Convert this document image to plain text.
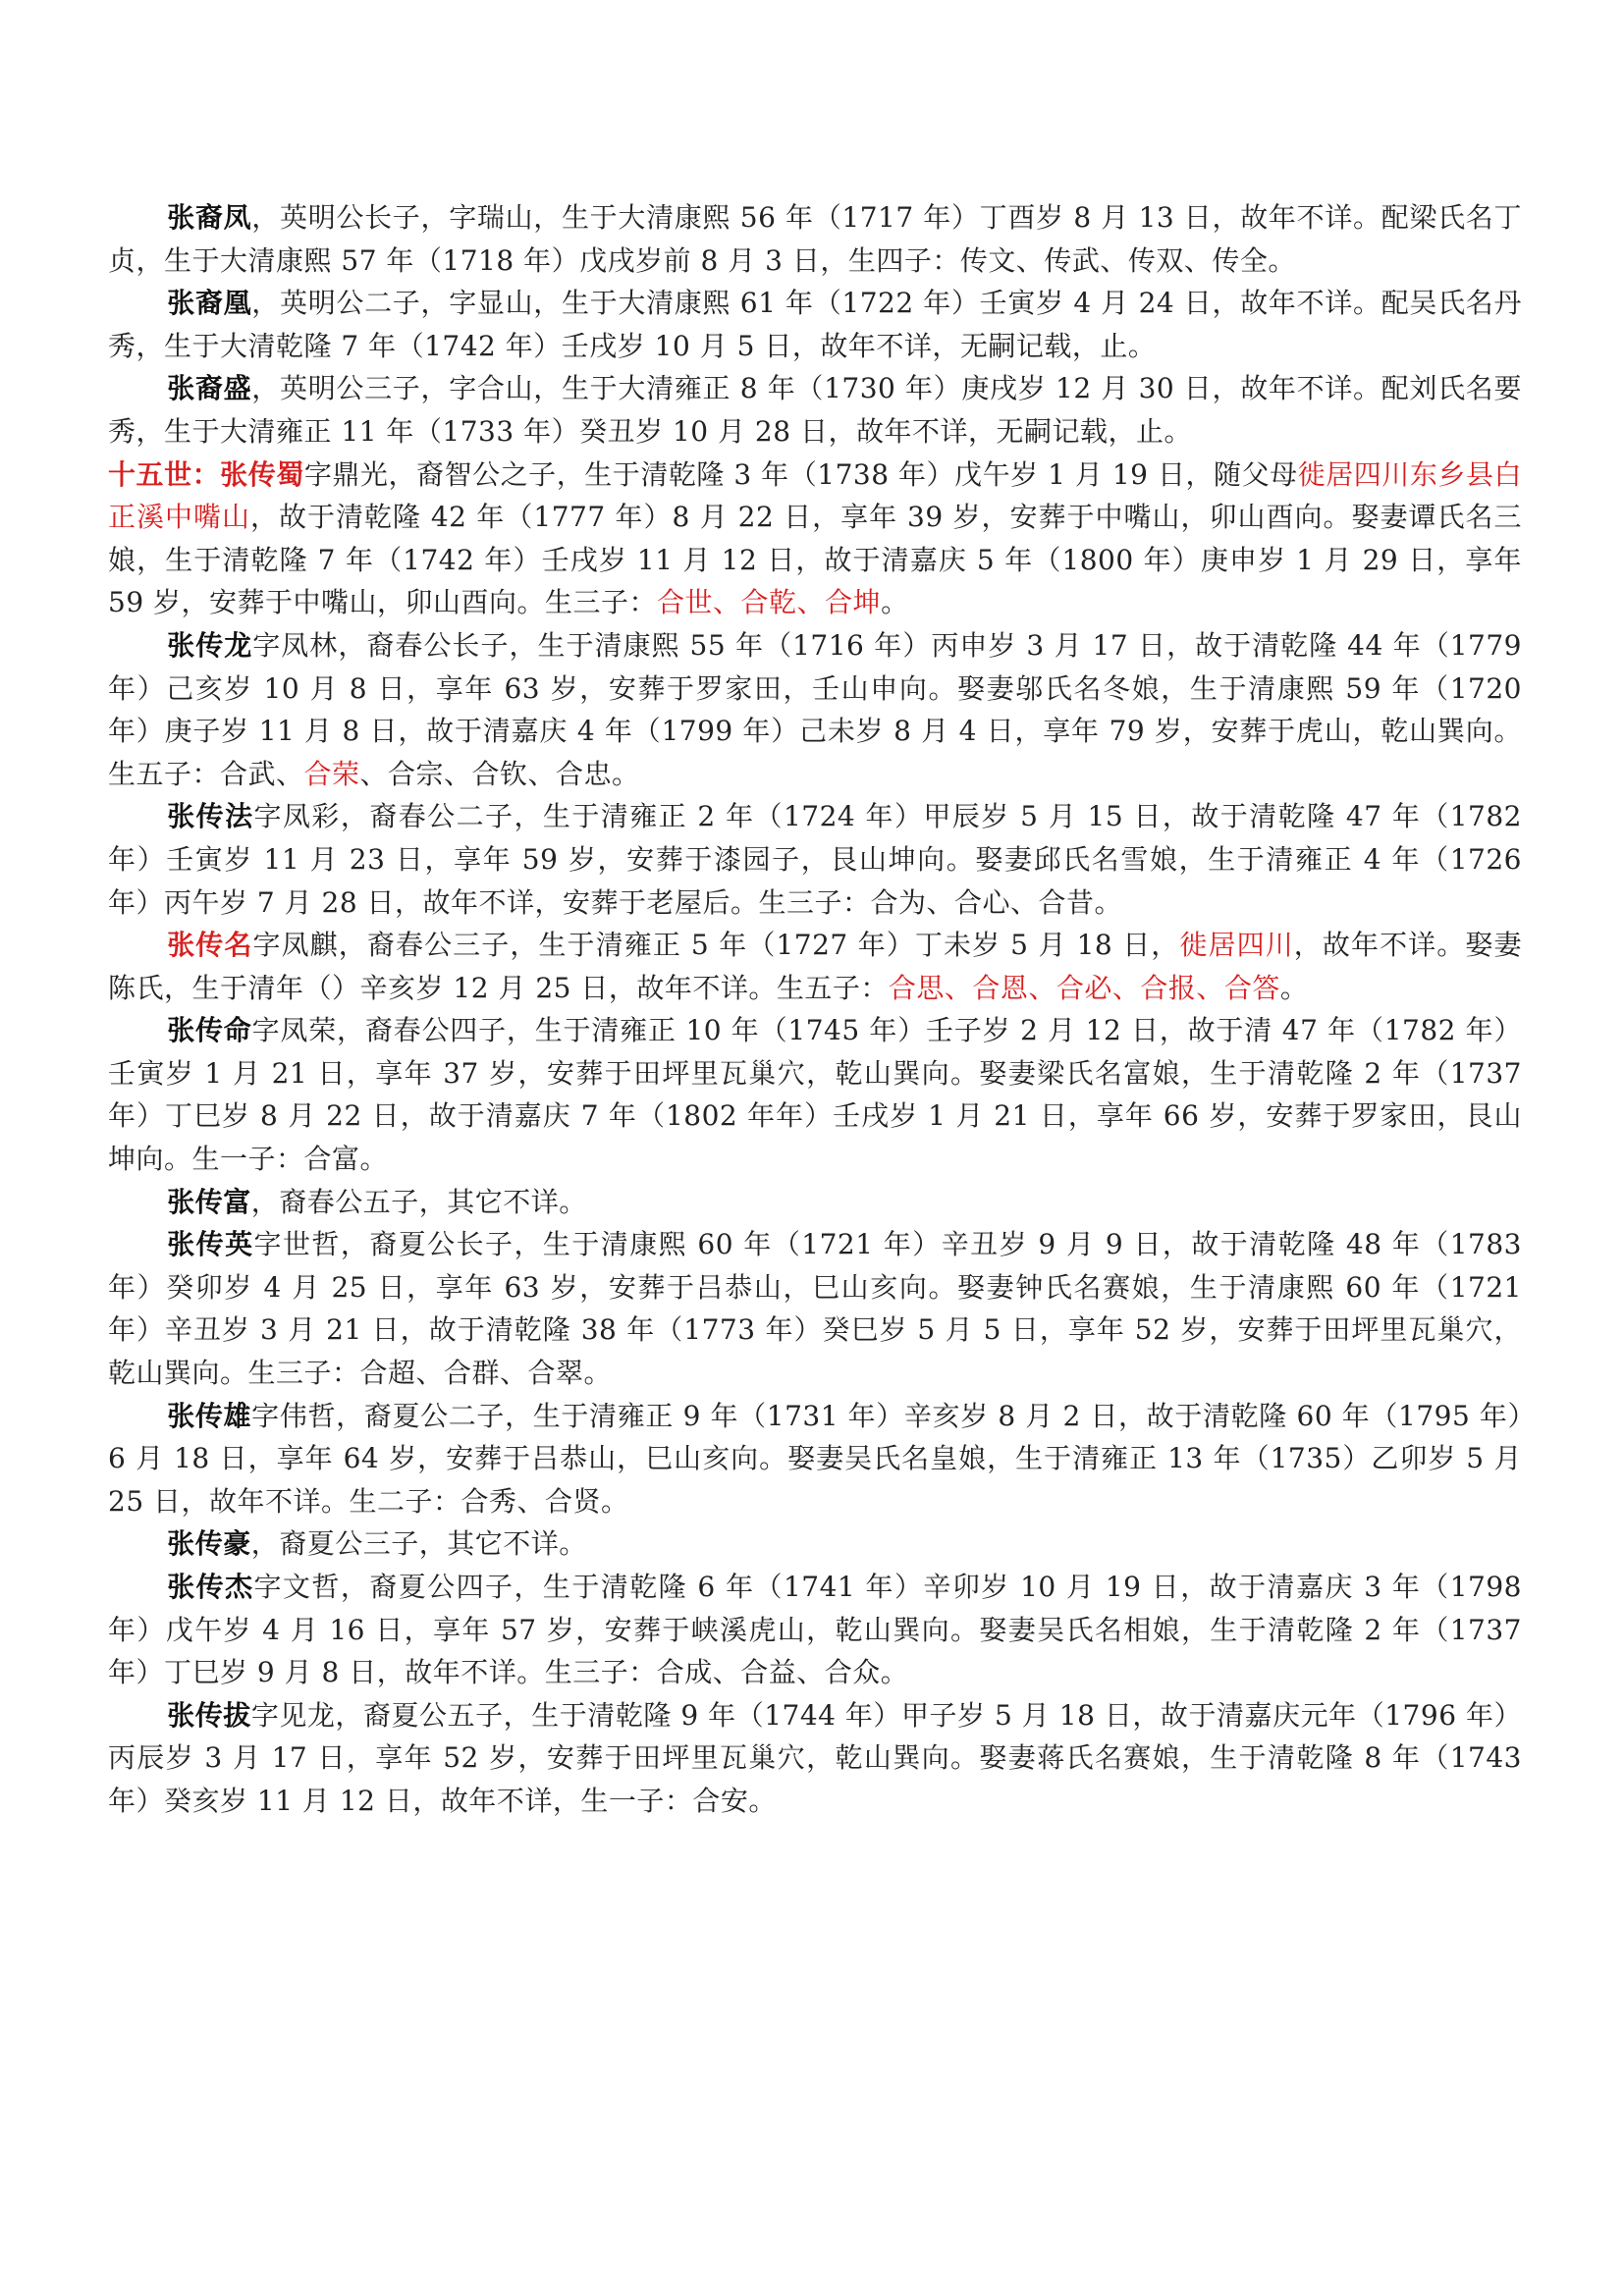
张裔凤，英明公长子，字瑞山，生于大清康熙 56 年（1717 年）丁酉岁 8 月 13 日，故年不详。配梁氏名丁贞，生于大清康熙 57 年（1718 年）戊戌岁前 8 月 3 日，生四子：传文、传武、传双、传全。

张裔凰，英明公二子，字显山，生于大清康熙 61 年（1722 年）壬寅岁 4 月 24 日，故年不详。配吴氏名丹秀，生于大清乾隆 7 年（1742 年）壬戌岁 10 月 5 日，故年不详，无嗣记载，止。

张裔盛，英明公三子，字合山，生于大清雍正 8 年（1730 年）庚戌岁 12 月 30 日，故年不详。配刘氏名要秀，生于大清雍正 11 年（1733 年）癸丑岁 10 月 28 日，故年不详，无嗣记载，止。

十五世：张传蜀字鼎光，裔智公之子，生于清乾隆 3 年（1738 年）戊午岁 1 月 19 日，随父母徙居四川东乡县白正溪中嘴山，故于清乾隆 42 年（1777 年）8 月 22 日，享年 39 岁，安葬于中嘴山，卯山酉向。娶妻谭氏名三娘，生于清乾隆 7 年（1742 年）壬戌岁 11 月 12 日，故于清嘉庆 5 年（1800 年）庚申岁 1 月 29 日，享年 59 岁，安葬于中嘴山，卯山酉向。生三子：合世、合乾、合坤。

张传龙字凤林，裔春公长子，生于清康熙 55 年（1716 年）丙申岁 3 月 17 日，故于清乾隆 44 年（1779 年）己亥岁 10 月 8 日，享年 63 岁，安葬于罗家田，壬山申向。娶妻邬氏名冬娘，生于清康熙 59 年（1720 年）庚子岁 11 月 8 日，故于清嘉庆 4 年（1799 年）己未岁 8 月 4 日，享年 79 岁，安葬于虎山，乾山巽向。生五子：合武、合荣、合宗、合钦、合忠。

张传法字凤彩，裔春公二子，生于清雍正 2 年（1724 年）甲辰岁 5 月 15 日，故于清乾隆 47 年（1782 年）壬寅岁 11 月 23 日，享年 59 岁，安葬于漆园子，艮山坤向。娶妻邱氏名雪娘，生于清雍正 4 年（1726 年）丙午岁 7 月 28 日，故年不详，安葬于老屋后。生三子：合为、合心、合昔。

张传名字凤麒，裔春公三子，生于清雍正 5 年（1727 年）丁未岁 5 月 18 日，徙居四川，故年不详。娶妻陈氏，生于清年（）辛亥岁 12 月 25 日，故年不详。生五子：合思、合恩、合必、合报、合答。

张传命字凤荣，裔春公四子，生于清雍正 10 年（1745 年）壬子岁 2 月 12 日，故于清 47 年（1782 年）壬寅岁 1 月 21 日，享年 37 岁，安葬于田坪里瓦巢穴，乾山巽向。娶妻梁氏名富娘，生于清乾隆 2 年（1737 年）丁巳岁 8 月 22 日，故于清嘉庆 7 年（1802 年年）壬戌岁 1 月 21 日，享年 66 岁，安葬于罗家田，艮山坤向。生一子：合富。

张传富，裔春公五子，其它不详。

张传英字世哲，裔夏公长子，生于清康熙 60 年（1721 年）辛丑岁 9 月 9 日，故于清乾隆 48 年（1783 年）癸卯岁 4 月 25 日，享年 63 岁，安葬于吕恭山，巳山亥向。娶妻钟氏名赛娘，生于清康熙 60 年（1721 年）辛丑岁 3 月 21 日，故于清乾隆 38 年（1773 年）癸巳岁 5 月 5 日，享年 52 岁，安葬于田坪里瓦巢穴，乾山巽向。生三子：合超、合群、合翠。

张传雄字伟哲，裔夏公二子，生于清雍正 9 年（1731 年）辛亥岁 8 月 2 日，故于清乾隆 60 年（1795 年）6 月 18 日，享年 64 岁，安葬于吕恭山，巳山亥向。娶妻吴氏名皇娘，生于清雍正 13 年（1735）乙卯岁 5 月 25 日，故年不详。生二子：合秀、合贤。

张传豪，裔夏公三子，其它不详。

张传杰字文哲，裔夏公四子，生于清乾隆 6 年（1741 年）辛卯岁 10 月 19 日，故于清嘉庆 3 年（1798 年）戊午岁 4 月 16 日，享年 57 岁，安葬于峡溪虎山，乾山巽向。娶妻吴氏名相娘，生于清乾隆 2 年（1737 年）丁巳岁 9 月 8 日，故年不详。生三子：合成、合益、合众。

张传拔字见龙，裔夏公五子，生于清乾隆 9 年（1744 年）甲子岁 5 月 18 日，故于清嘉庆元年（1796 年）丙辰岁 3 月 17 日，享年 52 岁，安葬于田坪里瓦巢穴，乾山巽向。娶妻蒋氏名赛娘，生于清乾隆 8 年（1743 年）癸亥岁 11 月 12 日，故年不详，生一子：合安。
